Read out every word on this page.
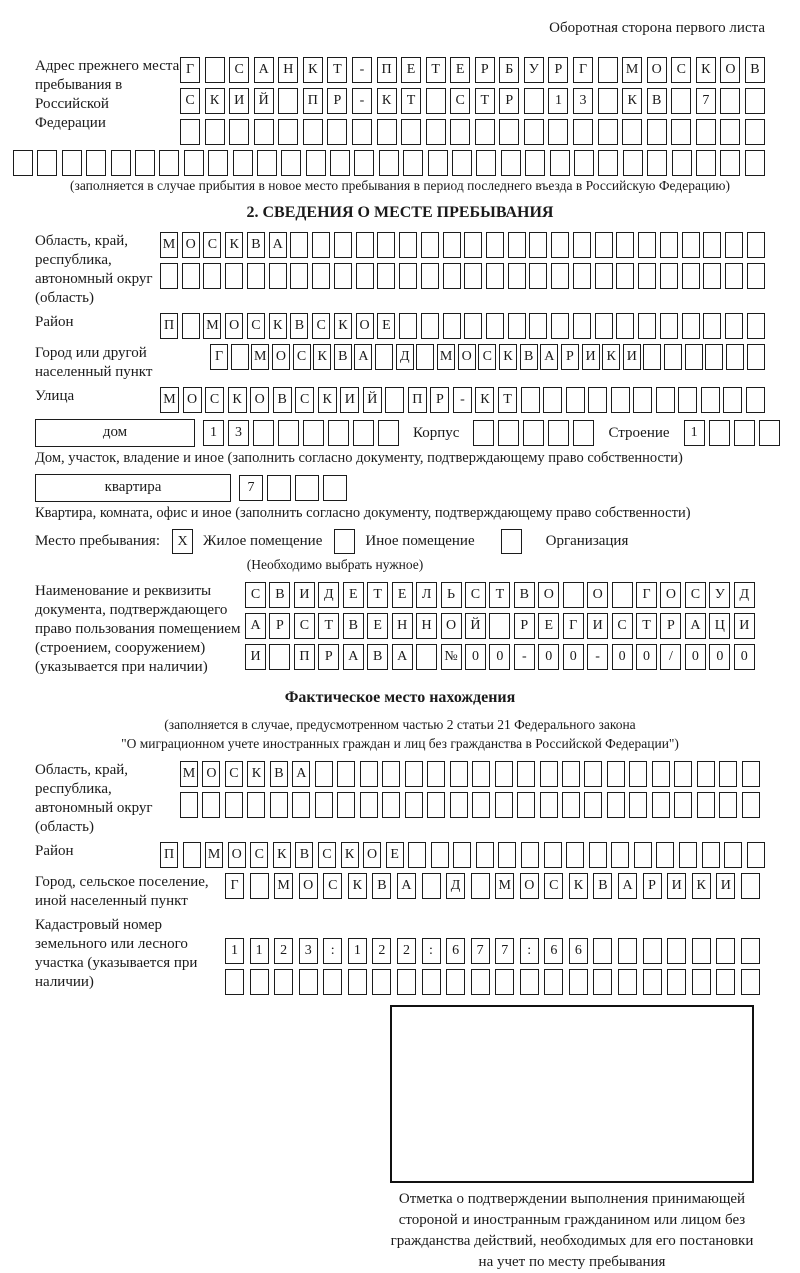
Оборотная сторона первого листа
Адрес прежнего места пребывания в Российской Федерации
Г	С	А	Н	К	Т	-	П	Е	Т	Е	Р	Б	У	Р	Г	М О	С	К	О	В
С	К	И	Й	П	Р	-	К	Т	С	Т	Р	1	3	К	В	7
(заполняется в случае прибытия в новое место пребывания в период последнего въезда в Российскую Федерацию)
2. СВЕДЕНИЯ О МЕСТЕ ПРЕБЫВАНИЯ
Область, край, республика, автономный округ (область)
М О С К В А
Район	П М О С К В С К О Е
Город или другой населенный пункт
Г	М О С К В А	Д	М О С К В А Р И К И
Улица	М О С К О В С К И Й	П Р	-	К Т
дом	1	3	Корпус	Строение	1
Дом, участок, владение и иное (заполнить согласно документу, подтверждающему право собственности)
квартира	7
Квартира, комната, офис и иное (заполнить согласно документу, подтверждающему право собственности)
Место пребывания:	X	Жилое помещение	Иное помещение	Организация
(Необходимо выбрать нужное)
Наименование и реквизиты документа, подтверждающего право пользования помещением (строением, сооружением) (указывается при наличии)
С	В	И	Д	Е	Т	Е	Л	Ь	С	Т	В	О	О	Г	О	С	У	Д
А	Р	С	Т	В	Е	Н	Н	О	Й	Р	Е	Г	И	С	Т	Р	А	Ц	И
И	П	Р	А	В	А	№	0	0	-	0	0	-	0	0	/	0	0	0
Фактическое место нахождения
(заполняется в случае, предусмотренном частью 2 статьи 21 Федерального закона
"О миграционном учете иностранных граждан и лиц без гражданства в Российской Федерации")
Область, край, республика, автономный округ (область)
М О С К В А
Район	П М О С К В С К О Е
Город, сельское поселение, иной населенный пункт
Г	М О	С	К	В	А	Д	М О	С	К	В	А	Р	И	К	И
Кадастровый номер земельного или лесного участка (указывается при наличии)
1	1	2	3	:	1	2	2	:	6	7	7	:	6	6
Отметка о подтверждении выполнения принимающей
стороной и иностранным гражданином или лицом без
гражданства действий, необходимых для его постановки
на учет по месту пребывания
